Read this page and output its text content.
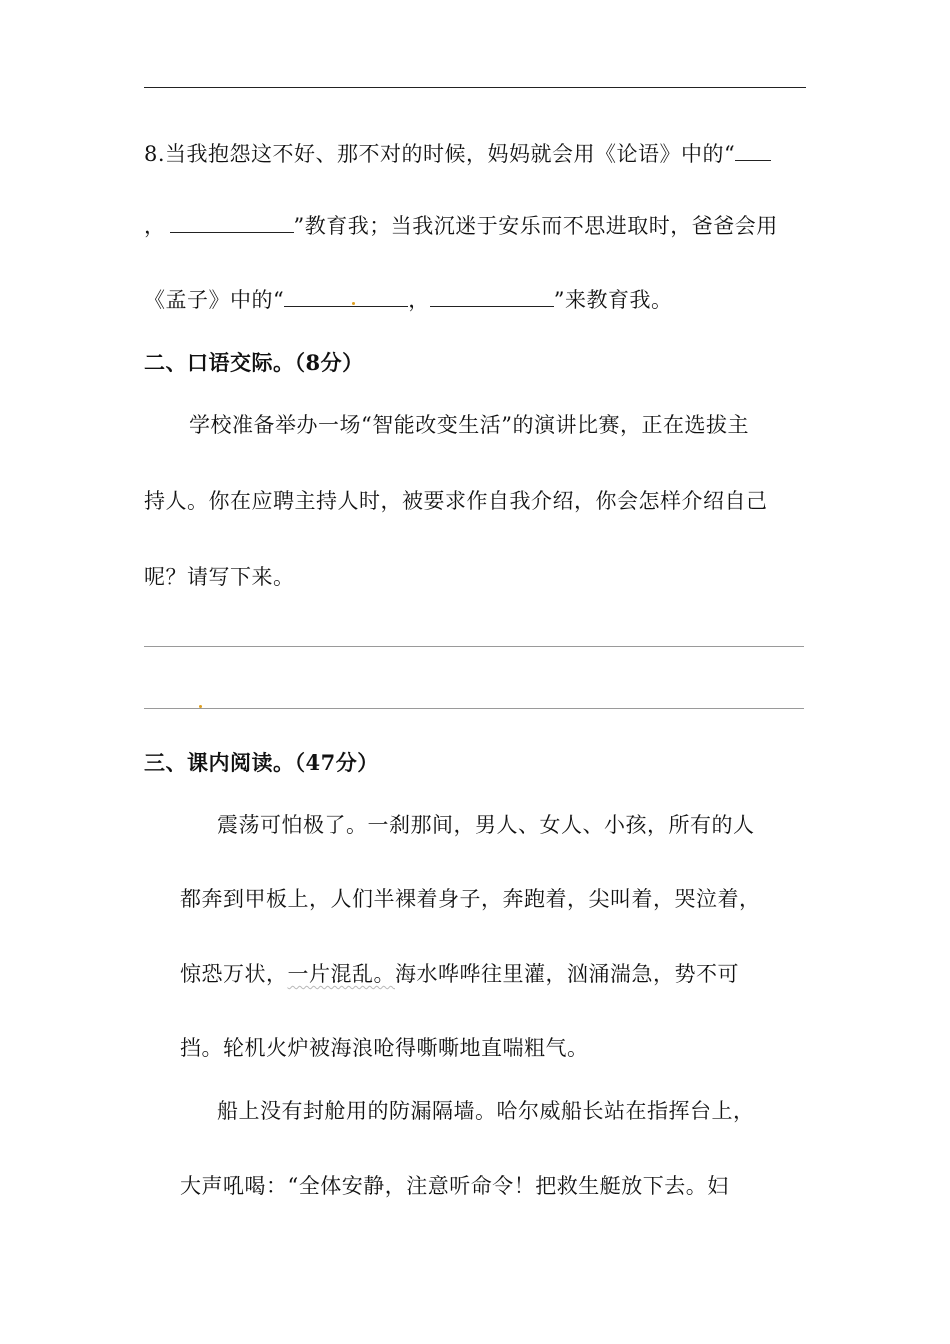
8.当我抱怨这不好、那不对的时候，妈妈就会用《论语》中的“
，	”教育我；当我沉迷于安乐而不思进取时，爸爸会用
《孟子》中的“	，	”来教育我。
二、口语交际。（8分）
学校准备举办一场“智能改变生活”的演讲比赛，正在选拔主
持人。你在应聘主持人时，被要求作自我介绍，你会怎样介绍自己
呢？请写下来。
三、课内阅读。（47分）
震荡可怕极了。一刹那间，男人、女人、小孩，所有的人
都奔到甲板上，人们半裸着身子，奔跑着，尖叫着，哭泣着，
惊恐万状，一片混乱。海水哗哗往里灌，汹涌湍急，势不可
挡。轮机火炉被海浪呛得嘶嘶地直喘粗气。
船上没有封舱用的防漏隔墙。哈尔威船长站在指挥台上，
大声吼喝：“全体安静，注意听命令！把救生艇放下去。妇
